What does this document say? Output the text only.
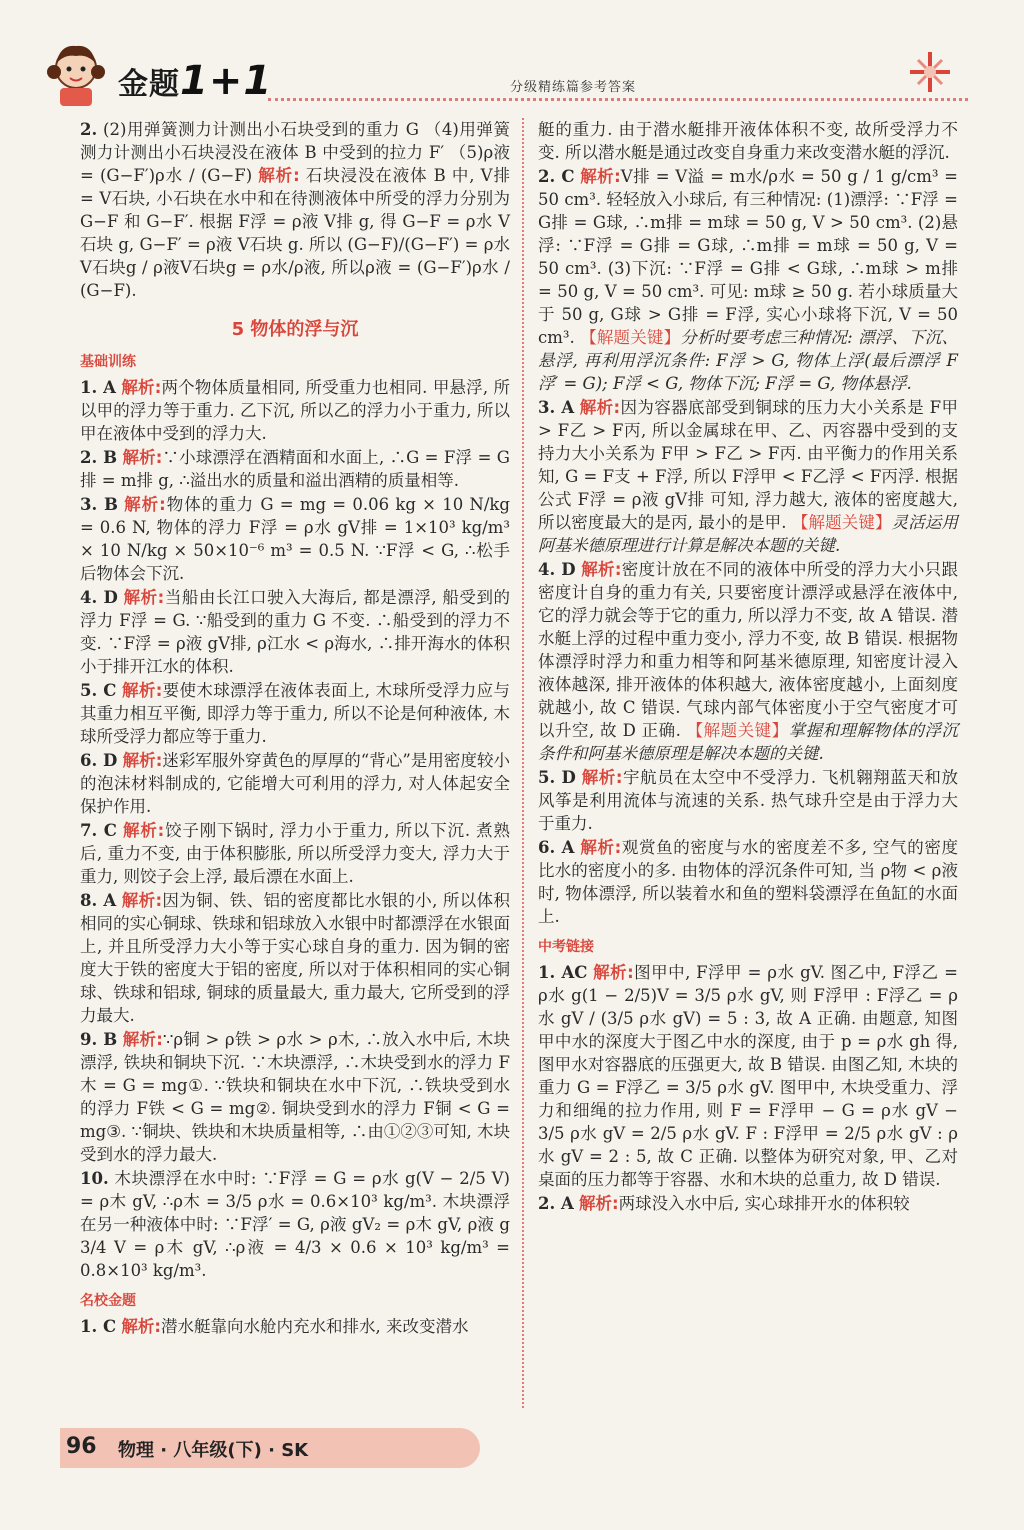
金题1+1	分级精练篇参考答案
2. (2)用弹簧测力计测出小石块受到的重力 G （4)用弹簧测力计测出小石块浸没在液体 B 中受到的拉力 F′ （5)ρ液 = (G−F′)ρ水 / (G−F) 解析: 石块浸没在液体 B 中, V排 = V石块, 小石块在水中和在待测液体中所受的浮力分别为 G−F 和 G−F′. 根据 F浮 = ρ液 V排 g, 得 G−F = ρ水 V石块 g, G−F′ = ρ液 V石块 g. 所以 (G−F)/(G−F′) = ρ水V石块g / ρ液V石块g = ρ水/ρ液, 所以ρ液 = (G−F′)ρ水 / (G−F).
5 物体的浮与沉
基础训练
1. A 解析:两个物体质量相同, 所受重力也相同. 甲悬浮, 所以甲的浮力等于重力. 乙下沉, 所以乙的浮力小于重力, 所以甲在液体中受到的浮力大.
2. B 解析:∵小球漂浮在酒精面和水面上, ∴G = F浮 = G排 = m排 g, ∴溢出水的质量和溢出酒精的质量相等.
3. B 解析:物体的重力 G = mg = 0.06 kg × 10 N/kg = 0.6 N, 物体的浮力 F浮 = ρ水 gV排 = 1×10³ kg/m³ × 10 N/kg × 50×10⁻⁶ m³ = 0.5 N. ∵F浮 < G, ∴松手后物体会下沉.
4. D 解析:当船由长江口驶入大海后, 都是漂浮, 船受到的浮力 F浮 = G. ∵船受到的重力 G 不变. ∴船受到的浮力不变. ∵F浮 = ρ液 gV排, ρ江水 < ρ海水, ∴排开海水的体积小于排开江水的体积.
5. C 解析:要使木球漂浮在液体表面上, 木球所受浮力应与其重力相互平衡, 即浮力等于重力, 所以不论是何种液体, 木球所受浮力都应等于重力.
6. D 解析:迷彩军服外穿黄色的厚厚的“背心”是用密度较小的泡沫材料制成的, 它能增大可利用的浮力, 对人体起安全保护作用.
7. C 解析:饺子刚下锅时, 浮力小于重力, 所以下沉. 煮熟后, 重力不变, 由于体积膨胀, 所以所受浮力变大, 浮力大于重力, 则饺子会上浮, 最后漂在水面上.
8. A 解析:因为铜、铁、铝的密度都比水银的小, 所以体积相同的实心铜球、铁球和铝球放入水银中时都漂浮在水银面上, 并且所受浮力大小等于实心球自身的重力. 因为铜的密度大于铁的密度大于铝的密度, 所以对于体积相同的实心铜球、铁球和铝球, 铜球的质量最大, 重力最大, 它所受到的浮力最大.
9. B 解析:∵ρ铜 > ρ铁 > ρ水 > ρ木, ∴放入水中后, 木块漂浮, 铁块和铜块下沉. ∵木块漂浮, ∴木块受到水的浮力 F木 = G = mg①. ∵铁块和铜块在水中下沉, ∴铁块受到水的浮力 F铁 < G = mg②. 铜块受到水的浮力 F铜 < G = mg③. ∵铜块、铁块和木块质量相等, ∴由①②③可知, 木块受到水的浮力最大.
10. 木块漂浮在水中时: ∵F浮 = G = ρ水 g(V − 2/5 V) = ρ木 gV, ∴ρ木 = 3/5 ρ水 = 0.6×10³ kg/m³. 木块漂浮在另一种液体中时: ∵F浮′ = G, ρ液 gV₂ = ρ木 gV, ρ液 g 3/4 V = ρ木 gV, ∴ρ液 = 4/3 × 0.6 × 10³ kg/m³ = 0.8×10³ kg/m³.
名校金题
1. C 解析:潜水艇靠向水舱内充水和排水, 来改变潜水
艇的重力. 由于潜水艇排开液体体积不变, 故所受浮力不变. 所以潜水艇是通过改变自身重力来改变潜水艇的浮沉.
2. C 解析:V排 = V溢 = m水/ρ水 = 50 g / 1 g/cm³ = 50 cm³. 轻轻放入小球后, 有三种情况: (1)漂浮: ∵F浮 = G排 = G球, ∴m排 = m球 = 50 g, V > 50 cm³. (2)悬浮: ∵F浮 = G排 = G球, ∴m排 = m球 = 50 g, V = 50 cm³. (3)下沉: ∵F浮 = G排 < G球, ∴m球 > m排 = 50 g, V = 50 cm³. 可见: m球 ≥ 50 g. 若小球质量大于 50 g, G球 > G排 = F浮, 实心小球将下沉, V = 50 cm³. 【解题关键】分析时要考虑三种情况: 漂浮、下沉、悬浮, 再利用浮沉条件: F浮 > G, 物体上浮(最后漂浮 F浮′ = G); F浮 < G, 物体下沉; F浮 = G, 物体悬浮.
3. A 解析:因为容器底部受到铜球的压力大小关系是 F甲 > F乙 > F丙, 所以金属球在甲、乙、丙容器中受到的支持力大小关系为 F甲 > F乙 > F丙. 由平衡力的作用关系知, G = F支 + F浮, 所以 F浮甲 < F乙浮 < F丙浮. 根据公式 F浮 = ρ液 gV排 可知, 浮力越大, 液体的密度越大, 所以密度最大的是丙, 最小的是甲. 【解题关键】灵活运用阿基米德原理进行计算是解决本题的关键.
4. D 解析:密度计放在不同的液体中所受的浮力大小只跟密度计自身的重力有关, 只要密度计漂浮或悬浮在液体中, 它的浮力就会等于它的重力, 所以浮力不变, 故 A 错误. 潜水艇上浮的过程中重力变小, 浮力不变, 故 B 错误. 根据物体漂浮时浮力和重力相等和阿基米德原理, 知密度计浸入液体越深, 排开液体的体积越大, 液体密度越小, 上面刻度就越小, 故 C 错误. 气球内部气体密度小于空气密度才可以升空, 故 D 正确. 【解题关键】掌握和理解物体的浮沉条件和阿基米德原理是解决本题的关键.
5. D 解析:宇航员在太空中不受浮力. 飞机翱翔蓝天和放风筝是利用流体与流速的关系. 热气球升空是由于浮力大于重力.
6. A 解析:观赏鱼的密度与水的密度差不多, 空气的密度比水的密度小的多. 由物体的浮沉条件可知, 当 ρ物 < ρ液 时, 物体漂浮, 所以装着水和鱼的塑料袋漂浮在鱼缸的水面上.
中考链接
1. AC 解析:图甲中, F浮甲 = ρ水 gV. 图乙中, F浮乙 = ρ水 g(1 − 2/5)V = 3/5 ρ水 gV, 则 F浮甲 : F浮乙 = ρ水 gV / (3/5 ρ水 gV) = 5 : 3, 故 A 正确. 由题意, 知图甲中水的深度大于图乙中水的深度, 由于 p = ρ水 gh 得, 图甲水对容器底的压强更大, 故 B 错误. 由图乙知, 木块的重力 G = F浮乙 = 3/5 ρ水 gV. 图甲中, 木块受重力、浮力和细绳的拉力作用, 则 F = F浮甲 − G = ρ水 gV − 3/5 ρ水 gV = 2/5 ρ水 gV. F : F浮甲 = 2/5 ρ水 gV : ρ水 gV = 2 : 5, 故 C 正确. 以整体为研究对象, 甲、乙对桌面的压力都等于容器、水和木块的总重力, 故 D 错误.
2. A 解析:两球没入水中后, 实心球排开水的体积较
96 物理 · 八年级(下) · SK
